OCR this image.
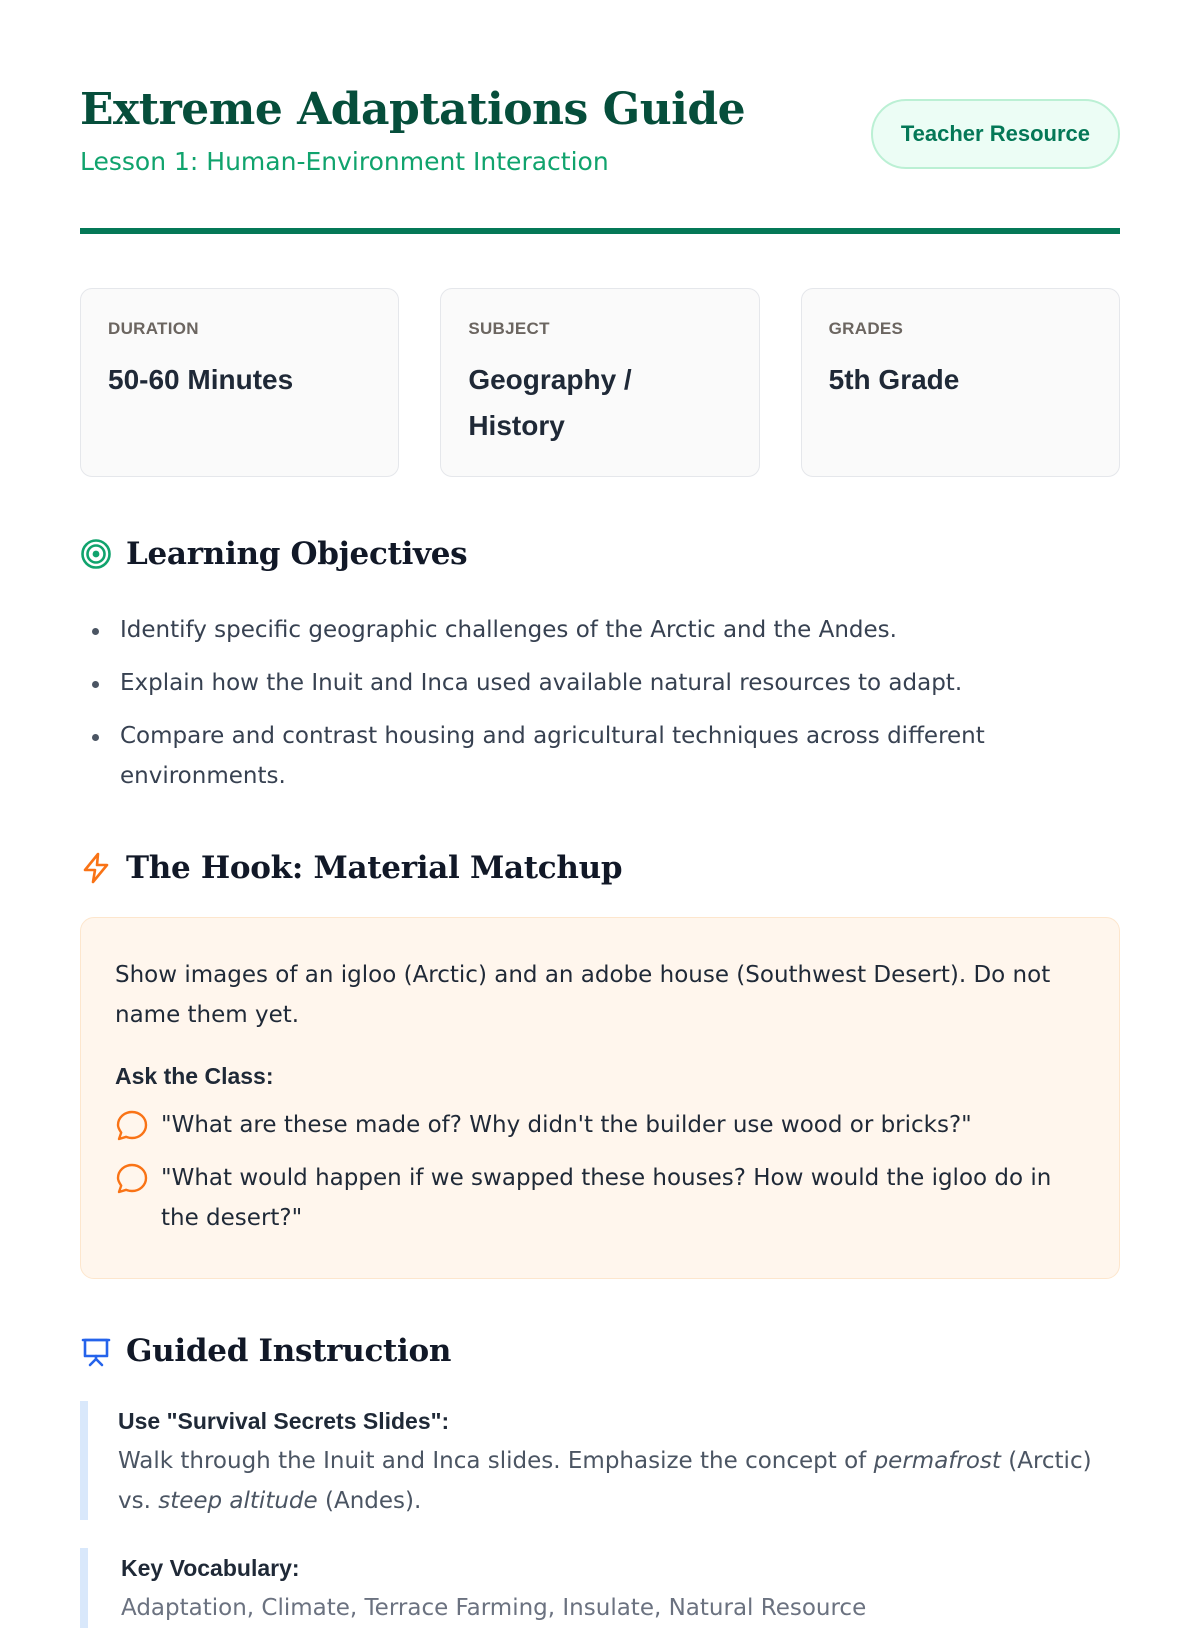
Extreme Adaptations Guide
Lesson 1: Human-Environment Interaction
Teacher Resource
DURATION
50-60 Minutes
SUBJECT
Geography / History
GRADES
5th Grade
Learning Objectives
Identify specific geographic challenges of the Arctic and the Andes.
Explain how the Inuit and Inca used available natural resources to adapt.
Compare and contrast housing and agricultural techniques across different environments.
The Hook: Material Matchup

Show images of an igloo (Arctic) and an adobe house (Southwest Desert). Do not name them yet.

Ask the Class:
"What are these made of? Why didn't the builder use wood or bricks?"
"What would happen if we swapped these houses? How would the igloo do in the desert?"
Guided Instruction
Use "Survival Secrets Slides":

Walk through the Inuit and Inca slides. Emphasize the concept of permafrost (Arctic) vs. steep altitude (Andes).

Key Vocabulary:
Adaptation, Climate, Terrace Farming, Insulate, Natural Resource
